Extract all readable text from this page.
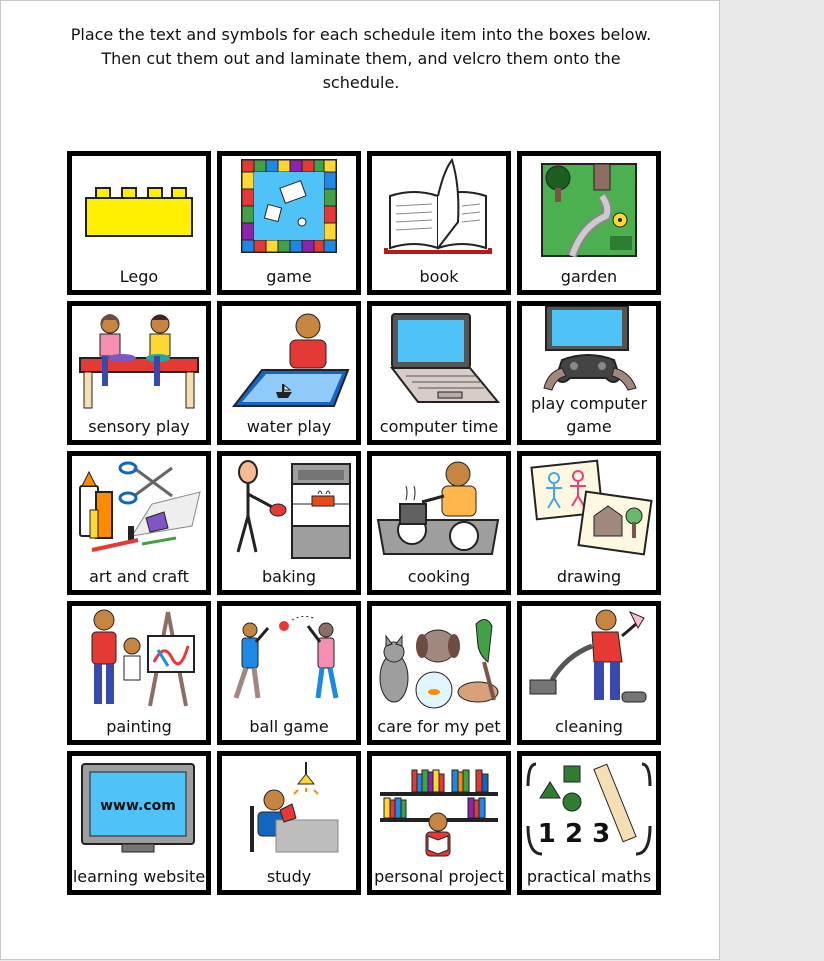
Place the text and symbols for each schedule item into the boxes below. Then cut them out and laminate them, and velcro them onto the schedule.
Lego	game	book	garden
sensory play	water play	computer time
play computer game
art and craft	baking	cooking	drawing
painting	ball game	care for my pet	cleaning
www.com
learning website	study	personal project
1 2 3
practical maths
